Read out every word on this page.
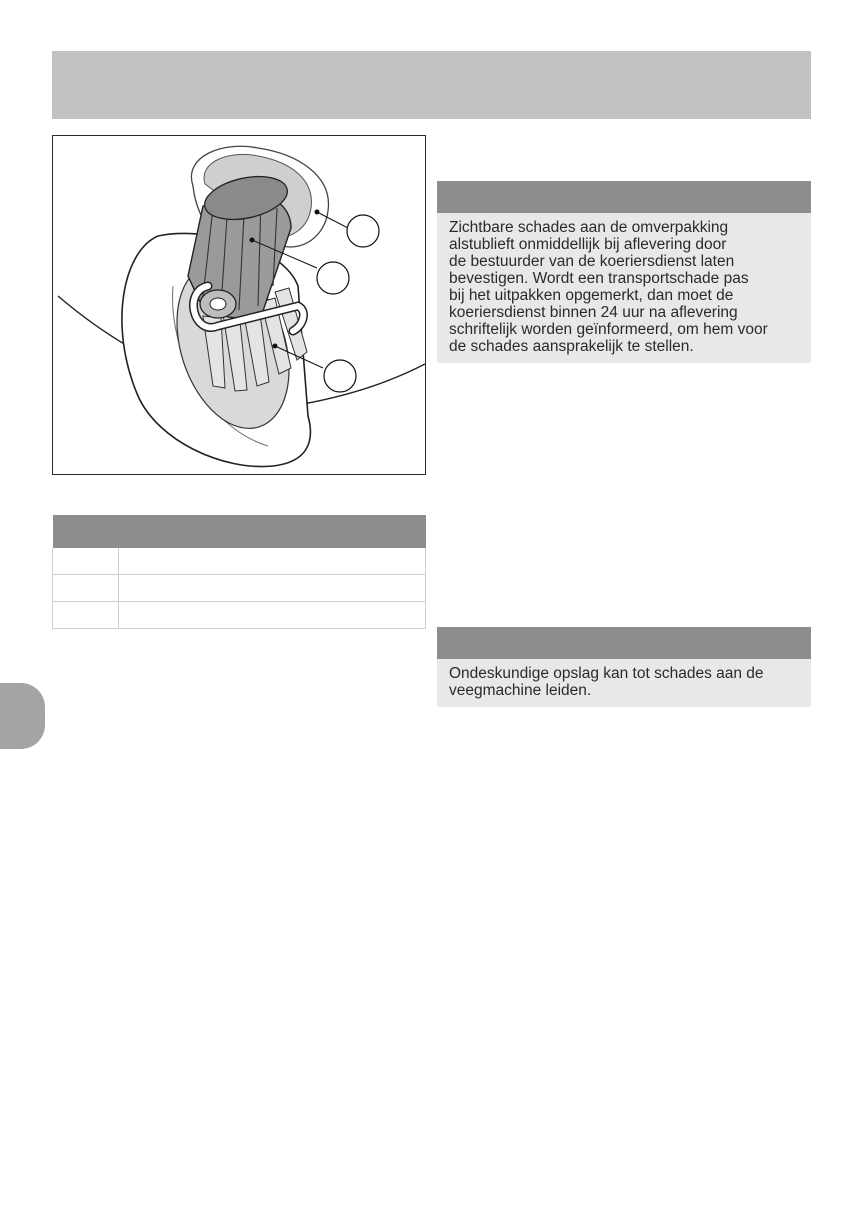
Zichtbare schades aan de omverpakking
alstublieft onmiddellijk bij aflevering door
de bestuurder van de koeriersdienst laten
bevestigen. Wordt een transportschade pas
bij het uitpakken opgemerkt, dan moet de
koeriersdienst binnen 24 uur na aflevering
schriftelijk worden geïnformeerd, om hem voor
de schades aansprakelijk te stellen.
Ondeskundige opslag kan tot schades aan de
veegmachine leiden.
